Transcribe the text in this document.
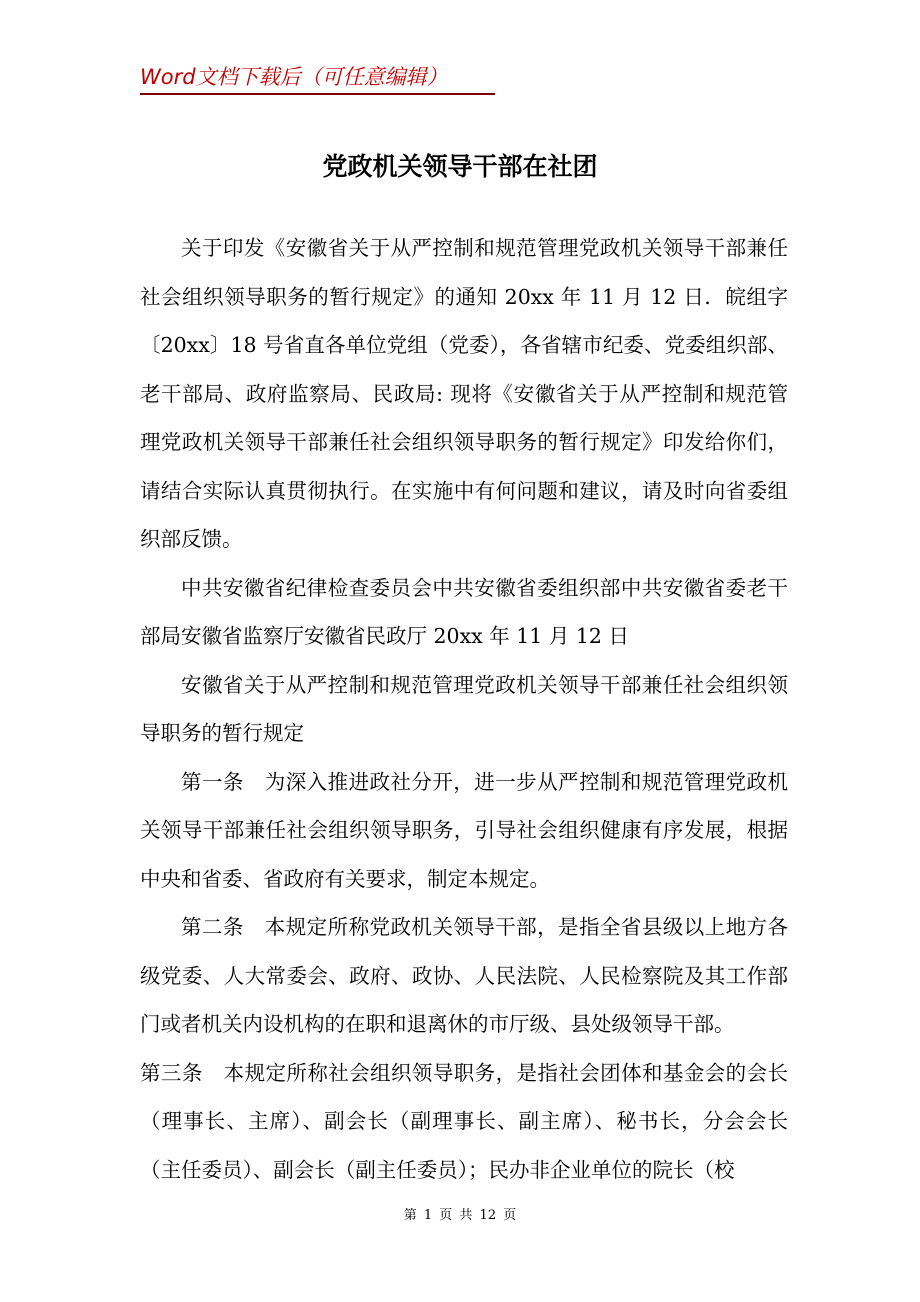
Word文档下载后（可任意编辑）
党政机关领导干部在社团

关于印发《安徽省关于从严控制和规范管理党政机关领导干部兼任社会组织领导职务的暂行规定》的通知 20xx 年 11 月 12 日．皖组字〔20xx〕18 号省直各单位党组（党委），各省辖市纪委、党委组织部、老干部局、政府监察局、民政局: 现将《安徽省关于从严控制和规范管理党政机关领导干部兼任社会组织领导职务的暂行规定》印发给你们，请结合实际认真贯彻执行。在实施中有何问题和建议，请及时向省委组织部反馈。

中共安徽省纪律检查委员会中共安徽省委组织部中共安徽省委老干部局安徽省监察厅安徽省民政厅 20xx 年 11 月 12 日

安徽省关于从严控制和规范管理党政机关领导干部兼任社会组织领导职务的暂行规定

第一条　为深入推进政社分开，进一步从严控制和规范管理党政机关领导干部兼任社会组织领导职务，引导社会组织健康有序发展，根据中央和省委、省政府有关要求，制定本规定。

第二条　本规定所称党政机关领导干部，是指全省县级以上地方各级党委、人大常委会、政府、政协、人民法院、人民检察院及其工作部门或者机关内设机构的在职和退离休的市厅级、县处级领导干部。

第三条　本规定所称社会组织领导职务，是指社会团体和基金会的会长（理事长、主席）、副会长（副理事长、副主席）、秘书长，分会会长（主任委员）、副会长（副主任委员）；民办非企业单位的院长（校

第 1 页 共 12 页
